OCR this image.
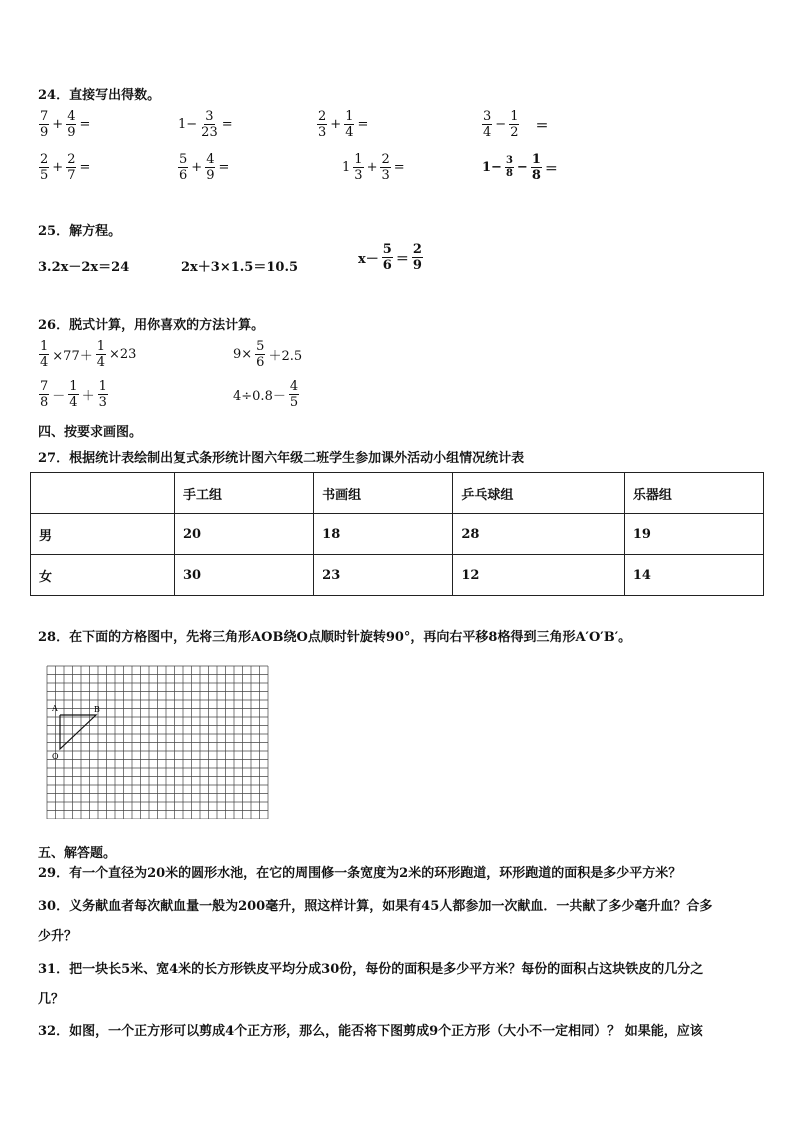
24．直接写出得数。
$\frac{7}{9} + \frac{4}{9}$ =	$1- \frac{3}{23}$ =	$\frac{2}{3} + \frac{1}{4}$ =	$\frac{3}{4} - \frac{1}{2}$ ＝
$\frac{2}{5} + \frac{2}{7}$ =	$\frac{5}{6} + \frac{4}{9}$ =	$1 \frac{1}{3} + \frac{2}{3}$ =	$1- \frac{3}{8} - \frac{1}{8}$ ＝
25．解方程。
3.2x－2x＝24	2x＋3×1.5＝10.5
$x- \frac{5}{6} = \frac{2}{9}$
26．脱式计算，用你喜欢的方法计算。
$\frac{1}{4} \times 77+ \frac{1}{4} \times 23$	$9\times \frac{5}{6} +2.5$
$\frac{7}{8} - \frac{1}{4} + \frac{1}{3}$	$4\div 0.8- \frac{4}{5}$
四、按要求画图。
27．根据统计表绘制出复式条形统计图六年级二班学生参加课外活动小组情况统计表
	手工组	书画组	乒乓球组	乐器组
男	20	18	28	19
女	30	23	12	14
28．在下面的方格图中，先将三角形AOB绕O点顺时针旋转90°，再向右平移8格得到三角形A′O′B′。
A	B
O
五、解答题。
29．有一个直径为20米的圆形水池，在它的周围修一条宽度为2米的环形跑道，环形跑道的面积是多少平方米？
30．义务献血者每次献血量一般为200毫升，照这样计算，如果有45人都参加一次献血．一共献了多少毫升血？合多
少升？
31．把一块长5米、宽4米的长方形铁皮平均分成30份，每份的面积是多少平方米？每份的面积占这块铁皮的几分之
几？
32．如图，一个正方形可以剪成4个正方形，那么，能否将下图剪成9个正方形（大小不一定相同）？ 如果能，应该
